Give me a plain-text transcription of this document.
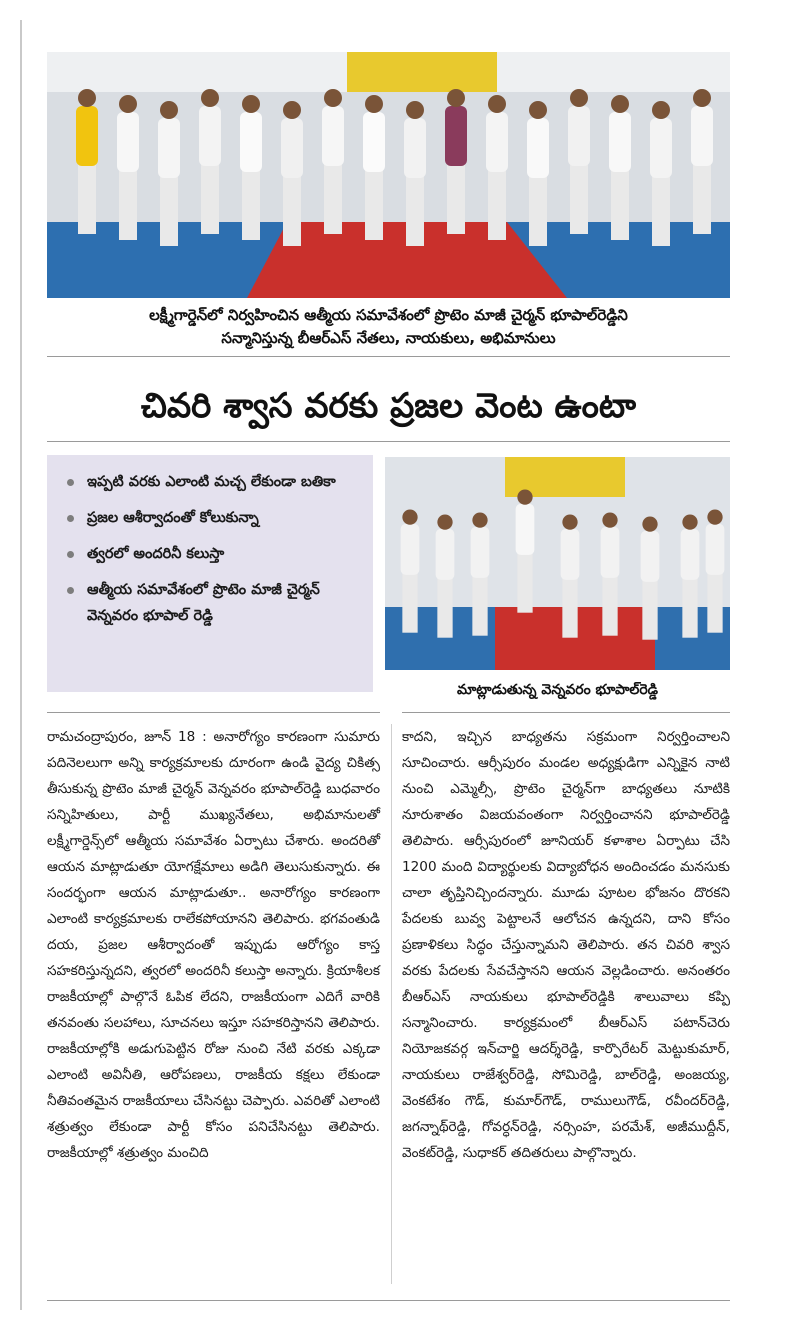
లక్ష్మీగార్డెన్‌లో నిర్వహించిన ఆత్మీయ సమావేశంలో ప్రొటెం మాజీ చైర్మన్ భూపాల్‌రెడ్డిని
సన్మానిస్తున్న బీఆర్ఎస్ నేతలు, నాయకులు, అభిమానులు
చివరి శ్వాస వరకు ప్రజల వెంట ఉంటా
ఇప్పటి వరకు ఎలాంటి మచ్చ లేకుండా బతికా
ప్రజల ఆశీర్వాదంతో కోలుకున్నా
త్వరలో అందరినీ కలుస్తా
ఆత్మీయ సమావేశంలో ప్రొటెం మాజీ చైర్మన్ వెన్నవరం భూపాల్ రెడ్డి
మాట్లాడుతున్న వెన్నవరం భూపాల్‌రెడ్డి
రామచంద్రాపురం, జూన్ 18 : అనారోగ్యం కారణంగా సుమారు పదినెలలుగా అన్ని కార్యక్రమాలకు దూరంగా ఉండి వైద్య చికిత్స తీసుకున్న ప్రొటెం మాజీ చైర్మన్ వెన్నవరం భూపాల్‌రెడ్డి బుధవారం సన్నిహితులు, పార్టీ ముఖ్యనేతలు, అభిమానులతో లక్ష్మీగార్డెన్స్‌లో ఆత్మీయ సమావేశం ఏర్పాటు చేశారు. అందరితో ఆయన మాట్లాడుతూ యోగక్షేమాలు అడిగి తెలుసుకున్నారు. ఈ సందర్భంగా ఆయన మాట్లాడుతూ.. అనారోగ్యం కారణంగా ఎలాంటి కార్యక్రమాలకు రాలేకపోయానని తెలిపారు. భగవంతుడి దయ, ప్రజల ఆశీర్వాదంతో ఇప్పుడు ఆరోగ్యం కాస్త సహకరిస్తున్నదని, త్వరలో అందరినీ కలుస్తా అన్నారు. క్రియాశీలక రాజకీయాల్లో పాల్గొనే ఓపిక లేదని, రాజకీయంగా ఎదిగే వారికి తనవంతు సలహాలు, సూచనలు ఇస్తూ సహకరిస్తానని తెలిపారు. రాజకీయాల్లోకి అడుగుపెట్టిన రోజు నుంచి నేటి వరకు ఎక్కడా ఎలాంటి అవినీతి, ఆరోపణలు, రాజకీయ కక్షలు లేకుండా నీతివంతమైన రాజకీయాలు చేసినట్టు చెప్పారు. ఎవరితో ఎలాంటి శత్రుత్వం లేకుండా పార్టీ కోసం పనిచేసినట్టు తెలిపారు. రాజకీయాల్లో శత్రుత్వం మంచిది
కాదని, ఇచ్చిన బాధ్యతను సక్రమంగా నిర్వర్తించాలని సూచించారు. ఆర్సీపురం మండల అధ్యక్షుడిగా ఎన్నికైన నాటి నుంచి ఎమ్మెల్సీ, ప్రొటెం చైర్మన్‌గా బాధ్యతలు నూటికి నూరుశాతం విజయవంతంగా నిర్వర్తించానని భూపాల్‌రెడ్డి తెలిపారు. ఆర్సీపురంలో జూనియర్ కళాశాల ఏర్పాటు చేసి 1200 మంది విద్యార్థులకు విద్యాబోధన అందించడం మనసుకు చాలా తృప్తినిచ్చిందన్నారు. మూడు పూటల భోజనం దొరకని పేదలకు బువ్వ పెట్టాలనే ఆలోచన ఉన్నదని, దాని కోసం ప్రణాళికలు సిద్ధం చేస్తున్నామని తెలిపారు. తన చివరి శ్వాస వరకు పేదలకు సేవచేస్తానని ఆయన వెల్లడించారు. అనంతరం బీఆర్ఎస్ నాయకులు భూపాల్‌రెడ్డికి శాలువాలు కప్పి సన్మానించారు. కార్యక్రమంలో బీఆర్ఎస్ పటాన్‌చెరు నియోజకవర్గ ఇన్‌చార్జి ఆదర్శ్‌రెడ్డి, కార్పొరేటర్ మెట్టుకుమార్, నాయకులు రాజేశ్వర్‌రెడ్డి, సోమిరెడ్డి, బాల్‌రెడ్డి, అంజయ్య, వెంకటేశం గౌడ్, కుమార్‌గౌడ్, రాములుగౌడ్, రవీందర్‌రెడ్డి, జగన్నాథ్‌రెడ్డి, గోవర్ధన్‌రెడ్డి, నర్సింహ, పరమేశ్, అజీముద్దీన్, వెంకట్‌రెడ్డి, సుధాకర్ తదితరులు పాల్గొన్నారు.
